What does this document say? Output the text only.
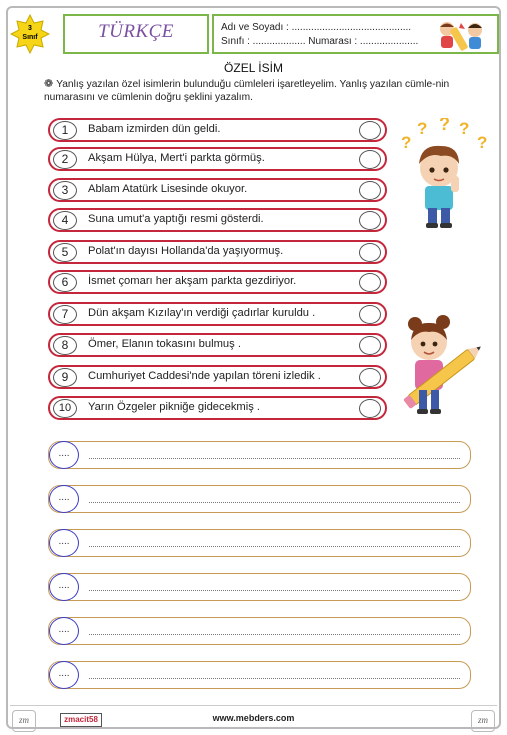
3
Sınıf	TÜRKÇE	Adı ve Soyadı : ...........................................
Sınıfı : ................... Numarası : .....................
ÖZEL İSİM
❁ Yanlış yazılan özel isimlerin bulunduğu cümleleri işaretleyelim. Yanlış yazılan cümle-nin numarasını ve cümlenin doğru şeklini yazalım.
1	Babam izmirden dün geldi.
2	Akşam Hülya, Mert'i parkta görmüş.
3	Ablam Atatürk Lisesinde okuyor.
4	Suna umut'a yaptığı resmi gösterdi.
5	Polat'ın dayısı Hollanda'da yaşıyormuş.
6	İsmet çomarı her akşam parkta gezdiriyor.
7	Dün akşam Kızılay'ın verdiği çadırlar kuruldu .
8	Ömer, Elanın tokasını bulmuş .
9	Cumhuriyet Caddesi'nde yapılan töreni izledik .
10	Yarın Özgeler pikniğe gidecekmiş .
?
? ? ?
?
....
....
....
....
....
....
zm	zmacit58	www.mebders.com	zm
